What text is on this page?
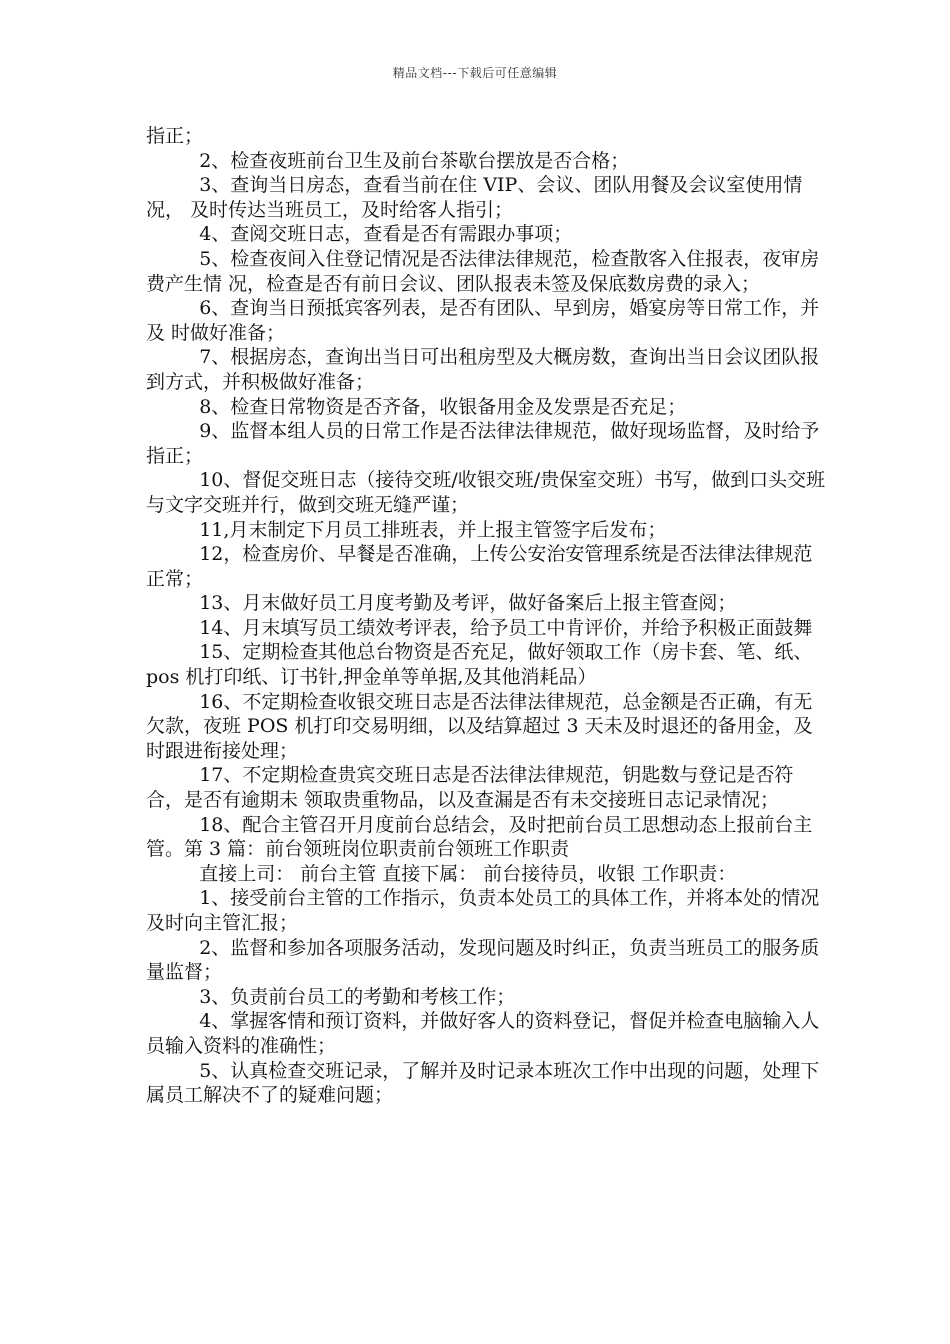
精品文档---下载后可任意编辑

指正；

2、检查夜班前台卫生及前台茶歇台摆放是否合格；

3、查询当日房态，查看当前在住 VIP、会议、团队用餐及会议室使用情况， 及时传达当班员工，及时给客人指引；

4、查阅交班日志，查看是否有需跟办事项；

5、检查夜间入住登记情况是否法律法律规范，检查散客入住报表，夜审房费产生情 况，检查是否有前日会议、团队报表未签及保底数房费的录入；

6、查询当日预抵宾客列表，是否有团队、早到房，婚宴房等日常工作，并及 时做好准备；

7、根据房态，查询出当日可出租房型及大概房数，查询出当日会议团队报 到方式，并积极做好准备；

8、检查日常物资是否齐备，收银备用金及发票是否充足；

9、监督本组人员的日常工作是否法律法律规范，做好现场监督，及时给予指正；

10、督促交班日志（接待交班/收银交班/贵保室交班）书写，做到口头交班 与文字交班并行，做到交班无缝严谨；

11,月末制定下月员工排班表，并上报主管签字后发布；

12，检查房价、早餐是否准确，上传公安治安管理系统是否法律法律规范正常；

13、月末做好员工月度考勤及考评，做好备案后上报主管查阅；

14、月末填写员工绩效考评表，给予员工中肯评价，并给予积极正面鼓舞

15、定期检查其他总台物资是否充足，做好领取工作（房卡套、笔、纸、pos 机打印纸、订书针,押金单等单据,及其他消耗品）

16、不定期检查收银交班日志是否法律法律规范，总金额是否正确，有无欠款，夜班 POS 机打印交易明细，以及结算超过 3 天未及时退还的备用金，及时跟进衔接处理；

17、不定期检查贵宾交班日志是否法律法律规范，钥匙数与登记是否符合，是否有逾期未 领取贵重物品，以及查漏是否有未交接班日志记录情况；

18、配合主管召开月度前台总结会，及时把前台员工思想动态上报前台主管。第 3 篇：前台领班岗位职责前台领班工作职责

直接上司： 前台主管 直接下属： 前台接待员，收银 工作职责：

1、接受前台主管的工作指示，负责本处员工的具体工作，并将本处的情况及时向主管汇报；

2、监督和参加各项服务活动，发现问题及时纠正，负责当班员工的服务质量监督；

3、负责前台员工的考勤和考核工作；

4、掌握客情和预订资料，并做好客人的资料登记，督促并检查电脑输入人员输入资料的准确性；

5、认真检查交班记录，了解并及时记录本班次工作中出现的问题，处理下属员工解决不了的疑难问题；
